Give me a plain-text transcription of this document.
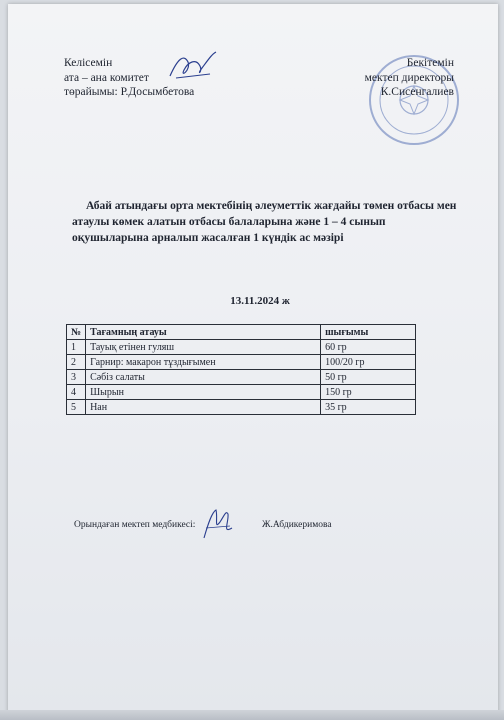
Келісемін
ата – ана комитет
төрайымы: Р.Досымбетова
Бекітемін
мектеп директоры
К.Сисенгалиев
Абай атындағы орта мектебінің әлеуметтік жағдайы төмен отбасы мен
атаулы көмек алатын отбасы балаларына және 1 – 4 сынып
оқушыларына арналып жасалған 1 күндік ас мәзірі
13.11.2024 ж
№	Тағамның атауы	шығымы
1	Тауық етінен гуляш	60 гр
2	Гарнир: макарон тұздығымен	100/20 гр
3	Сәбіз салаты	50 гр
4	Шырын	150 гр
5	Нан	35 гр
Орындаған мектеп медбикесі:	Ж.Абдикеримова
